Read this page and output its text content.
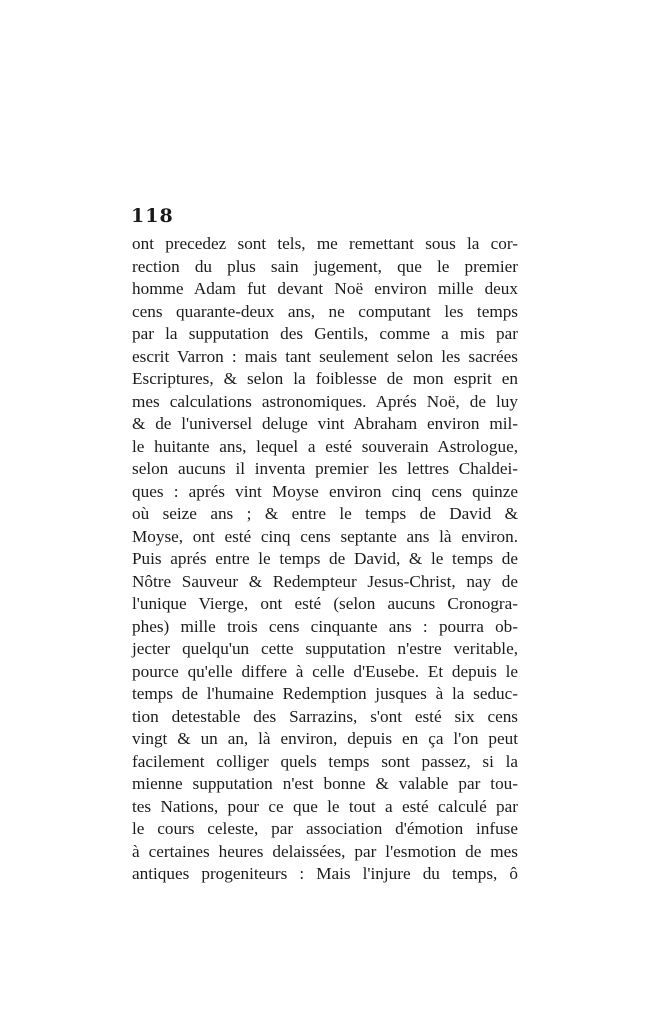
118
ont precedez sont tels, me remettant sous la cor-
rection du plus sain jugement, que le premier
homme Adam fut devant Noë environ mille deux
cens quarante-deux ans, ne computant les temps
par la supputation des Gentils, comme a mis par
escrit Varron : mais tant seulement selon les sacrées
Escriptures, & selon la foiblesse de mon esprit en
mes calculations astronomiques. Aprés Noë, de luy
& de l'universel deluge vint Abraham environ mil-
le huitante ans, lequel a esté souverain Astrologue,
selon aucuns il inventa premier les lettres Chaldei-
ques : aprés vint Moyse environ cinq cens quinze
où seize ans ; & entre le temps de David &
Moyse, ont esté cinq cens septante ans là environ.
Puis aprés entre le temps de David, & le temps de
Nôtre Sauveur & Redempteur Jesus-Christ, nay de
l'unique Vierge, ont esté (selon aucuns Cronogra-
phes) mille trois cens cinquante ans : pourra ob-
jecter quelqu'un cette supputation n'estre veritable,
pource qu'elle differe à celle d'Eusebe. Et depuis le
temps de l'humaine Redemption jusques à la seduc-
tion detestable des Sarrazins, s'ont esté six cens
vingt & un an, là environ, depuis en ça l'on peut
facilement colliger quels temps sont passez, si la
mienne supputation n'est bonne & valable par tou-
tes Nations, pour ce que le tout a esté calculé par
le cours celeste, par association d'émotion infuse
à certaines heures delaissées, par l'esmotion de mes
antiques progeniteurs : Mais l'injure du temps, ô
